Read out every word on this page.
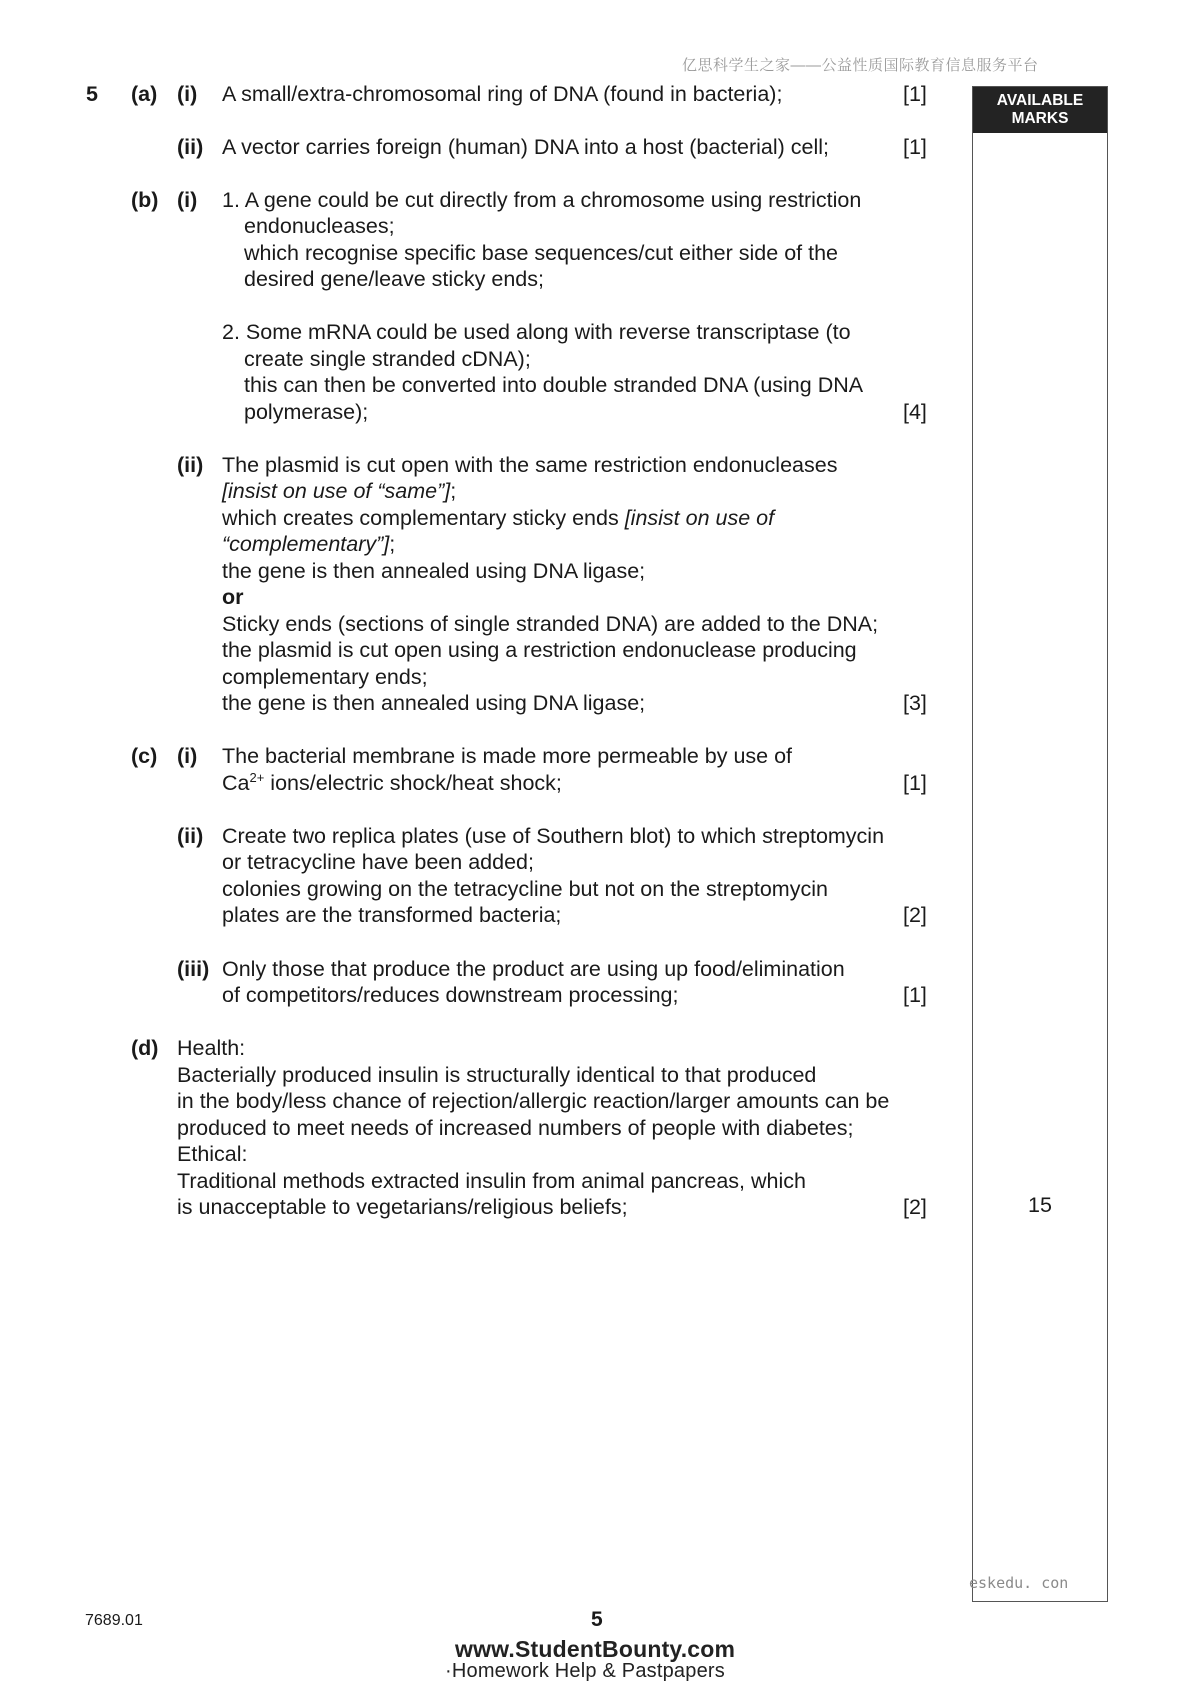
亿思科学生之家——公益性质国际教育信息服务平台
AVAILABLE
MARKS
5 (a) (i) A small/extra-chromosomal ring of DNA (found in bacteria);	[1]
(ii) A vector carries foreign (human) DNA into a host (bacterial) cell;	[1]
(b) (i) 1. A gene could be cut directly from a chromosome using restriction
endonucleases;
which recognise specific base sequences/cut either side of the
desired gene/leave sticky ends;
2. Some mRNA could be used along with reverse transcriptase (to
create single stranded cDNA);
this can then be converted into double stranded DNA (using DNA
polymerase);	[4]
(ii) The plasmid is cut open with the same restriction endonucleases
[insist on use of “same”];
which creates complementary sticky ends [insist on use of
“complementary”];
the gene is then annealed using DNA ligase;
or
Sticky ends (sections of single stranded DNA) are added to the DNA;
the plasmid is cut open using a restriction endonuclease producing
complementary ends;
the gene is then annealed using DNA ligase;	[3]
(c) (i) The bacterial membrane is made more permeable by use of
$Ca^{2+}$ ions/electric shock/heat shock;	[1]
(ii) Create two replica plates (use of Southern blot) to which streptomycin
or tetracycline have been added;
colonies growing on the tetracycline but not on the streptomycin
plates are the transformed bacteria;	[2]
(iii) Only those that produce the product are using up food/elimination
of competitors/reduces downstream processing;	[1]
(d) Health:
Bacterially produced insulin is structurally identical to that produced
in the body/less chance of rejection/allergic reaction/larger amounts can be
produced to meet needs of increased numbers of people with diabetes;
Ethical:
Traditional methods extracted insulin from animal pancreas, which
is unacceptable to vegetarians/religious beliefs;	[2]	15
eskedu. con
7689.01	5
www.StudentBounty.com
·Homework Help & Pastpapers
